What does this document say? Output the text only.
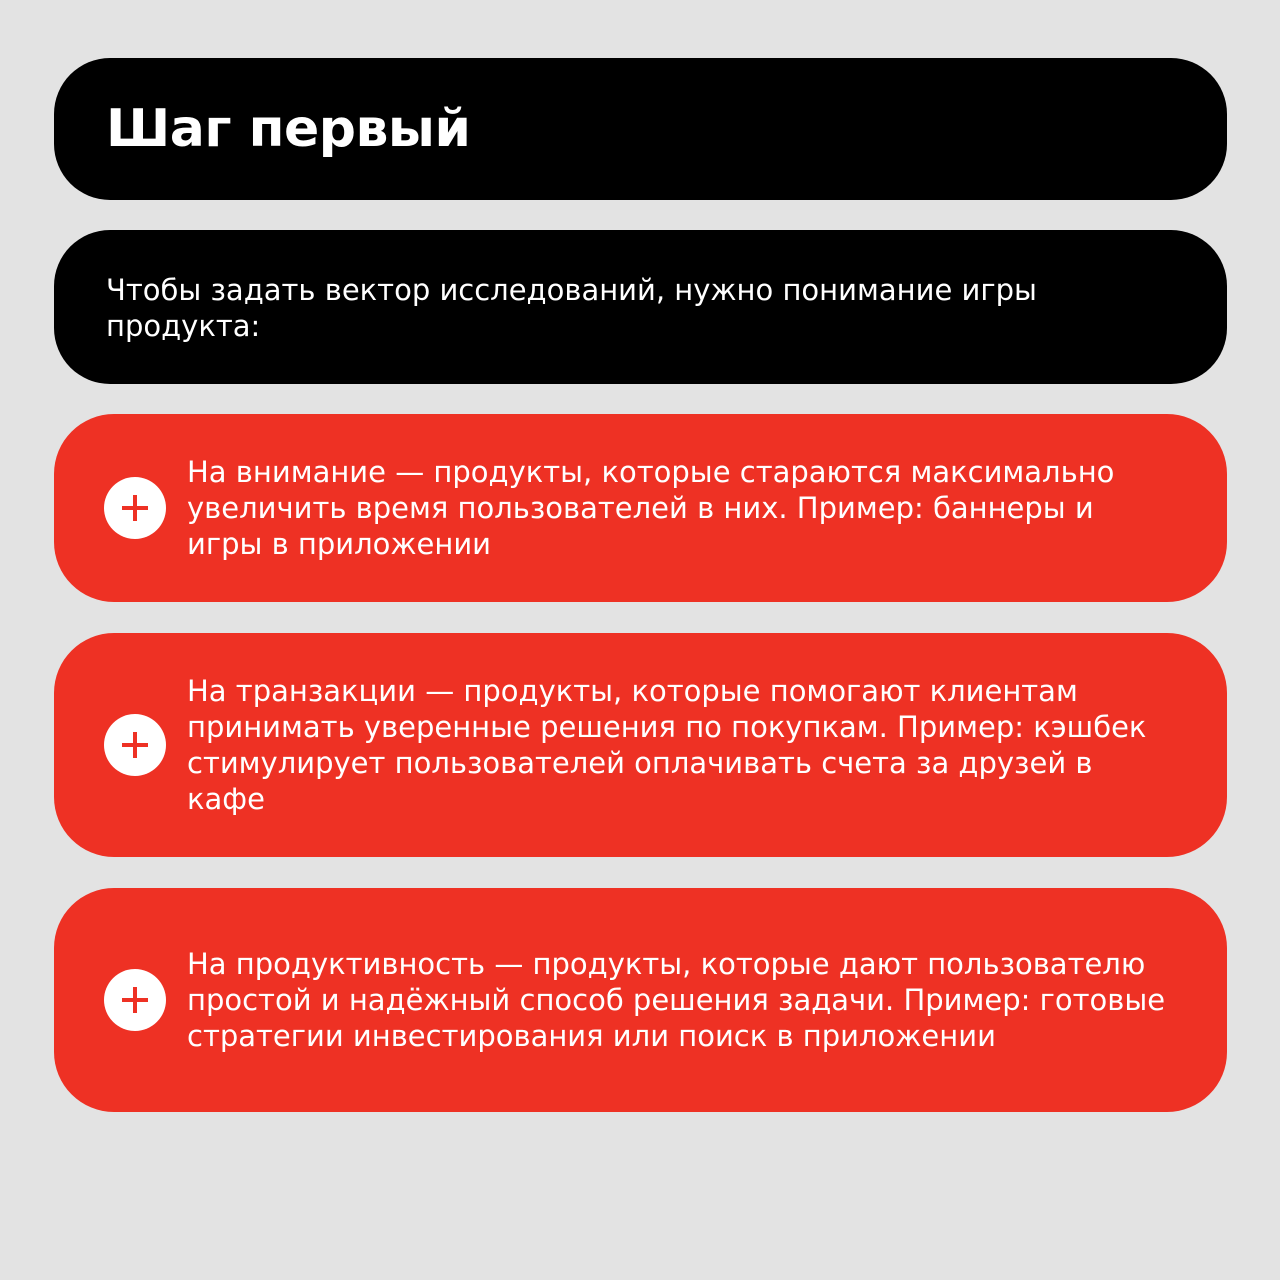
Шаг первый

Чтобы задать вектор исследований, нужно понимание игры продукта:

На внимание — продукты, которые стараются максимально увеличить время пользователей в них. Пример: баннеры и игры в приложении

На транзакции — продукты, которые помогают клиентам принимать уверенные решения по покупкам. Пример: кэшбек стимулирует пользователей оплачивать счета за друзей в кафе

На продуктивность — продукты, которые дают пользователю простой и надёжный способ решения задачи. Пример: готовые стратегии инвестирования или поиск в приложении
